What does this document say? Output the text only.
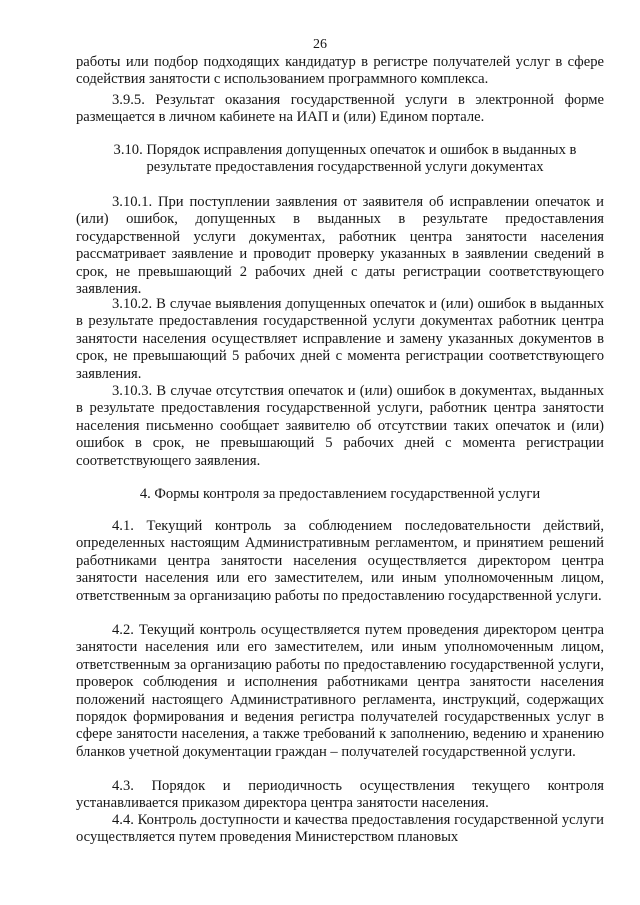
26

работы или подбор подходящих кандидатур в регистре получателей услуг в сфере содействия занятости с использованием программного комплекса.

3.9.5. Результат оказания государственной услуги в электронной форме размещается в личном кабинете на ИАП и (или) Едином портале.

3.10. Порядок исправления допущенных опечаток и ошибок в выданных в результате предоставления государственной услуги документах

3.10.1. При поступлении заявления от заявителя об исправлении опечаток и (или) ошибок, допущенных в выданных в результате предоставления государственной услуги документах, работник центра занятости населения рассматривает заявление и проводит проверку указанных в заявлении сведений в срок, не превышающий 2 рабочих дней с даты регистрации соответствующего заявления.

3.10.2. В случае выявления допущенных опечаток и (или) ошибок в выданных в результате предоставления государственной услуги документах работник центра занятости населения осуществляет исправление и замену указанных документов в срок, не превышающий 5 рабочих дней с момента регистрации соответствующего заявления.

3.10.3. В случае отсутствия опечаток и (или) ошибок в документах, выданных в результате предоставления государственной услуги, работник центра занятости населения письменно сообщает заявителю об отсутствии таких опечаток и (или) ошибок в срок, не превышающий 5 рабочих дней с момента регистрации соответствующего заявления.

4. Формы контроля за предоставлением государственной услуги

4.1. Текущий контроль за соблюдением последовательности действий, определенных настоящим Административным регламентом, и принятием решений работниками центра занятости населения осуществляется директором центра занятости населения или его заместителем, или иным уполномоченным лицом, ответственным за организацию работы по предоставлению государственной услуги.

4.2. Текущий контроль осуществляется путем проведения директором центра занятости населения или его заместителем, или иным уполномоченным лицом, ответственным за организацию работы по предоставлению государственной услуги, проверок соблюдения и исполнения работниками центра занятости населения положений настоящего Административного регламента, инструкций, содержащих порядок формирования и ведения регистра получателей государственных услуг в сфере занятости населения, а также требований к заполнению, ведению и хранению бланков учетной документации граждан – получателей государственной услуги.

4.3. Порядок и периодичность осуществления текущего контроля устанавливается приказом директора центра занятости населения.

4.4. Контроль доступности и качества предоставления государственной услуги осуществляется путем проведения Министерством плановых
